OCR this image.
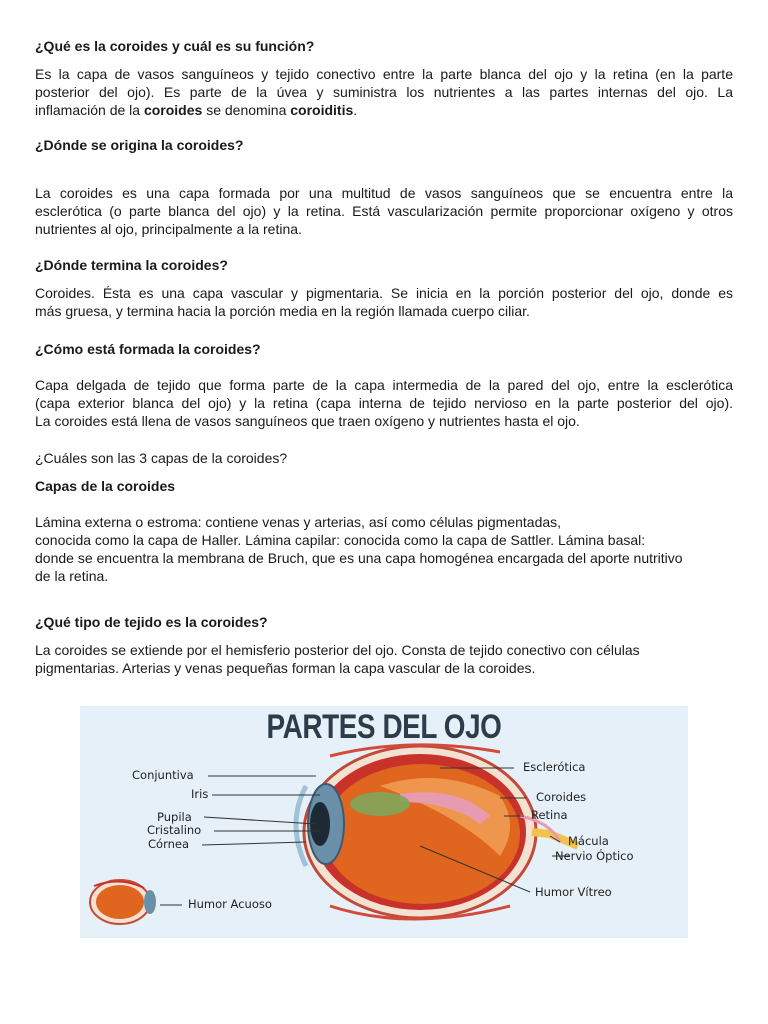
¿Qué es la coroides y cuál es su función?
Es la capa de vasos sanguíneos y tejido conectivo entre la parte blanca del ojo y la retina (en la parte
posterior del ojo). Es parte de la úvea y suministra los nutrientes a las partes internas del ojo. La
inflamación de la coroides se denomina coroiditis.
¿Dónde se origina la coroides?
La coroides es una capa formada por una multitud de vasos sanguíneos que se encuentra entre la
esclerótica (o parte blanca del ojo) y la retina. Está vascularización permite proporcionar oxígeno y otros
nutrientes al ojo, principalmente a la retina.
¿Dónde termina la coroides?
Coroides. Ésta es una capa vascular y pigmentaria. Se inicia en la porción posterior del ojo, donde es
más gruesa, y termina hacia la porción media en la región llamada cuerpo ciliar.
¿Cómo está formada la coroides?
Capa delgada de tejido que forma parte de la capa intermedia de la pared del ojo, entre la esclerótica
(capa exterior blanca del ojo) y la retina (capa interna de tejido nervioso en la parte posterior del ojo).
La coroides está llena de vasos sanguíneos que traen oxígeno y nutrientes hasta el ojo.
¿Cuáles son las 3 capas de la coroides?
Capas de la coroides
Lámina externa o estroma: contiene venas y arterias, así como células pigmentadas,
conocida como la capa de Haller. Lámina capilar: conocida como la capa de Sattler. Lámina basal:
donde se encuentra la membrana de Bruch, que es una capa homogénea encargada del aporte nutritivo
de la retina.
¿Qué tipo de tejido es la coroides?
La coroides se extiende por el hemisferio posterior del ojo. Consta de tejido conectivo con células
pigmentarias. Arterias y venas pequeñas forman la capa vascular de la coroides.
PARTES DEL OJO
Conjuntiva
Iris
Pupila
Cristalino
Córnea
Humor Acuoso
Esclerótica
Coroides
Retina
Mácula
Nervio Óptico
Humor Vítreo
